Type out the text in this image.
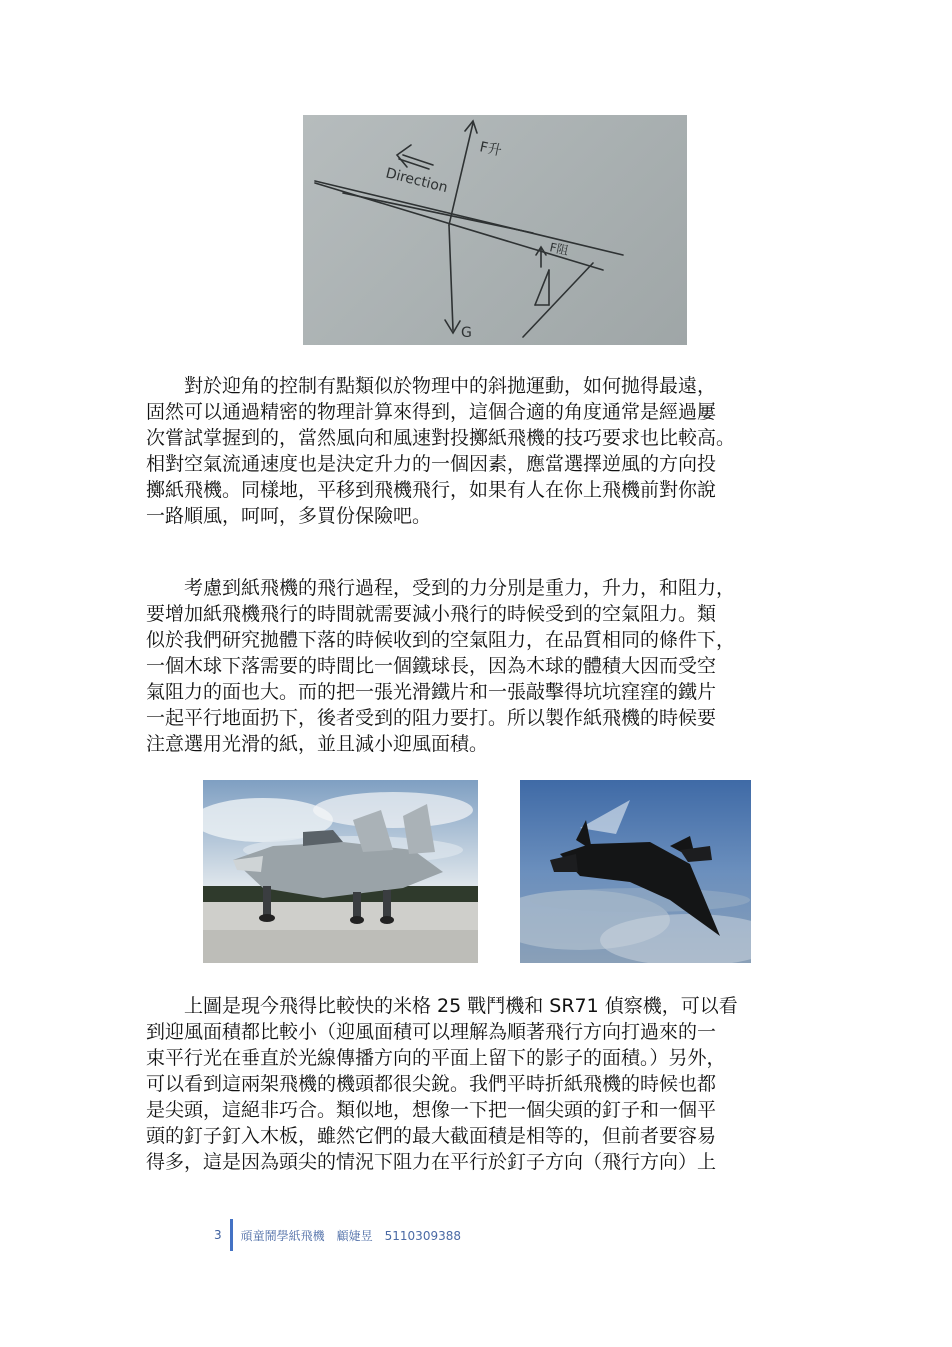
F升
Direction
F阻
G
　　對於迎角的控制有點類似於物理中的斜拋運動，如何拋得最遠，
固然可以通過精密的物理計算來得到，這個合適的角度通常是經過屢
次嘗試掌握到的，當然風向和風速對投擲紙飛機的技巧要求也比較高。
相對空氣流通速度也是決定升力的一個因素，應當選擇逆風的方向投
擲紙飛機。同樣地，平移到飛機飛行，如果有人在你上飛機前對你說
一路順風，呵呵，多買份保險吧。
　　考慮到紙飛機的飛行過程，受到的力分別是重力，升力，和阻力，
要增加紙飛機飛行的時間就需要減小飛行的時候受到的空氣阻力。類
似於我們研究拋體下落的時候收到的空氣阻力，在品質相同的條件下，
一個木球下落需要的時間比一個鐵球長，因為木球的體積大因而受空
氣阻力的面也大。而的把一張光滑鐵片和一張敲擊得坑坑窪窪的鐵片
一起平行地面扔下，後者受到的阻力要打。所以製作紙飛機的時候要
注意選用光滑的紙，並且減小迎風面積。
　　上圖是現今飛得比較快的米格 25 戰鬥機和 SR71 偵察機，可以看
到迎風面積都比較小（迎風面積可以理解為順著飛行方向打過來的一
束平行光在垂直於光線傳播方向的平面上留下的影子的面積。）另外，
可以看到這兩架飛機的機頭都很尖銳。我們平時折紙飛機的時候也都
是尖頭，這絕非巧合。類似地，想像一下把一個尖頭的釘子和一個平
頭的釘子釘入木板，雖然它們的最大截面積是相等的，但前者要容易
得多，這是因為頭尖的情況下阻力在平行於釘子方向（飛行方向）上
3 頑童鬧學紙飛機　顧婕昱　5110309388
